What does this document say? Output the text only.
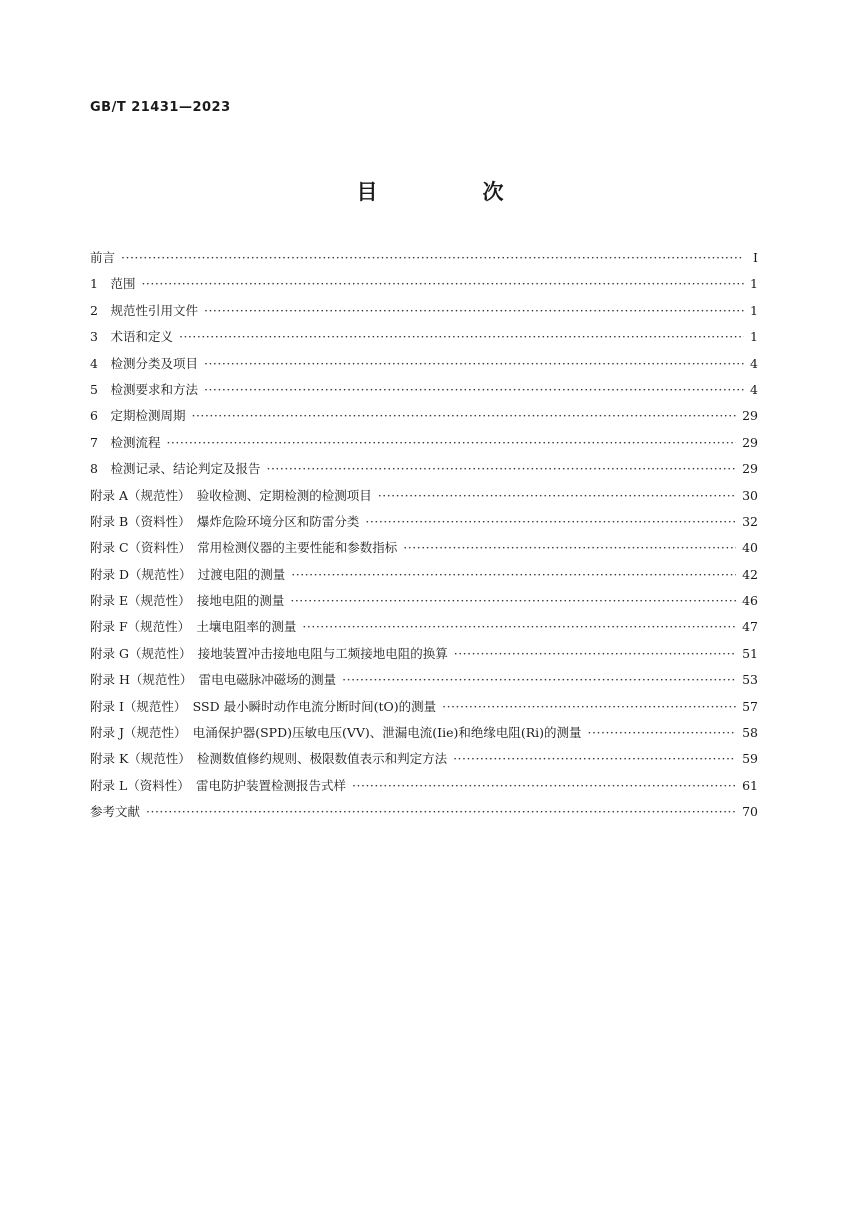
GB/T 21431—2023
目　次
前言 ·····	Ⅰ
1　范围 ·····	1
2　规范性引用文件 ·····	1
3　术语和定义 ·····	1
4　检测分类及项目 ·····	4
5　检测要求和方法 ·····	4
6　定期检测周期 ·····	29
7　检测流程 ·····	29
8　检测记录、结论判定及报告 ·····	29
附录 A（规范性）　验收检测、定期检测的检测项目 ·····	30
附录 B（资料性）　爆炸危险环境分区和防雷分类 ·····	32
附录 C（资料性）　常用检测仪器的主要性能和参数指标 ·····	40
附录 D（规范性）　过渡电阻的测量 ·····	42
附录 E（规范性）　接地电阻的测量 ·····	46
附录 F（规范性）　土壤电阻率的测量 ·····	47
附录 G（规范性）　接地装置冲击接地电阻与工频接地电阻的换算 ·····	51
附录 H（规范性）　雷电电磁脉冲磁场的测量 ·····	53
附录 I（规范性）　SSD 最小瞬时动作电流分断时间(tO)的测量 ·····	57
附录 J（规范性）　电涌保护器(SPD)压敏电压(VV)、泄漏电流(Iie)和绝缘电阻(Ri)的测量 ·····	58
附录 K（规范性）　检测数值修约规则、极限数值表示和判定方法 ·····	59
附录 L（资料性）　雷电防护装置检测报告式样 ·····	61
参考文献 ·····	70
